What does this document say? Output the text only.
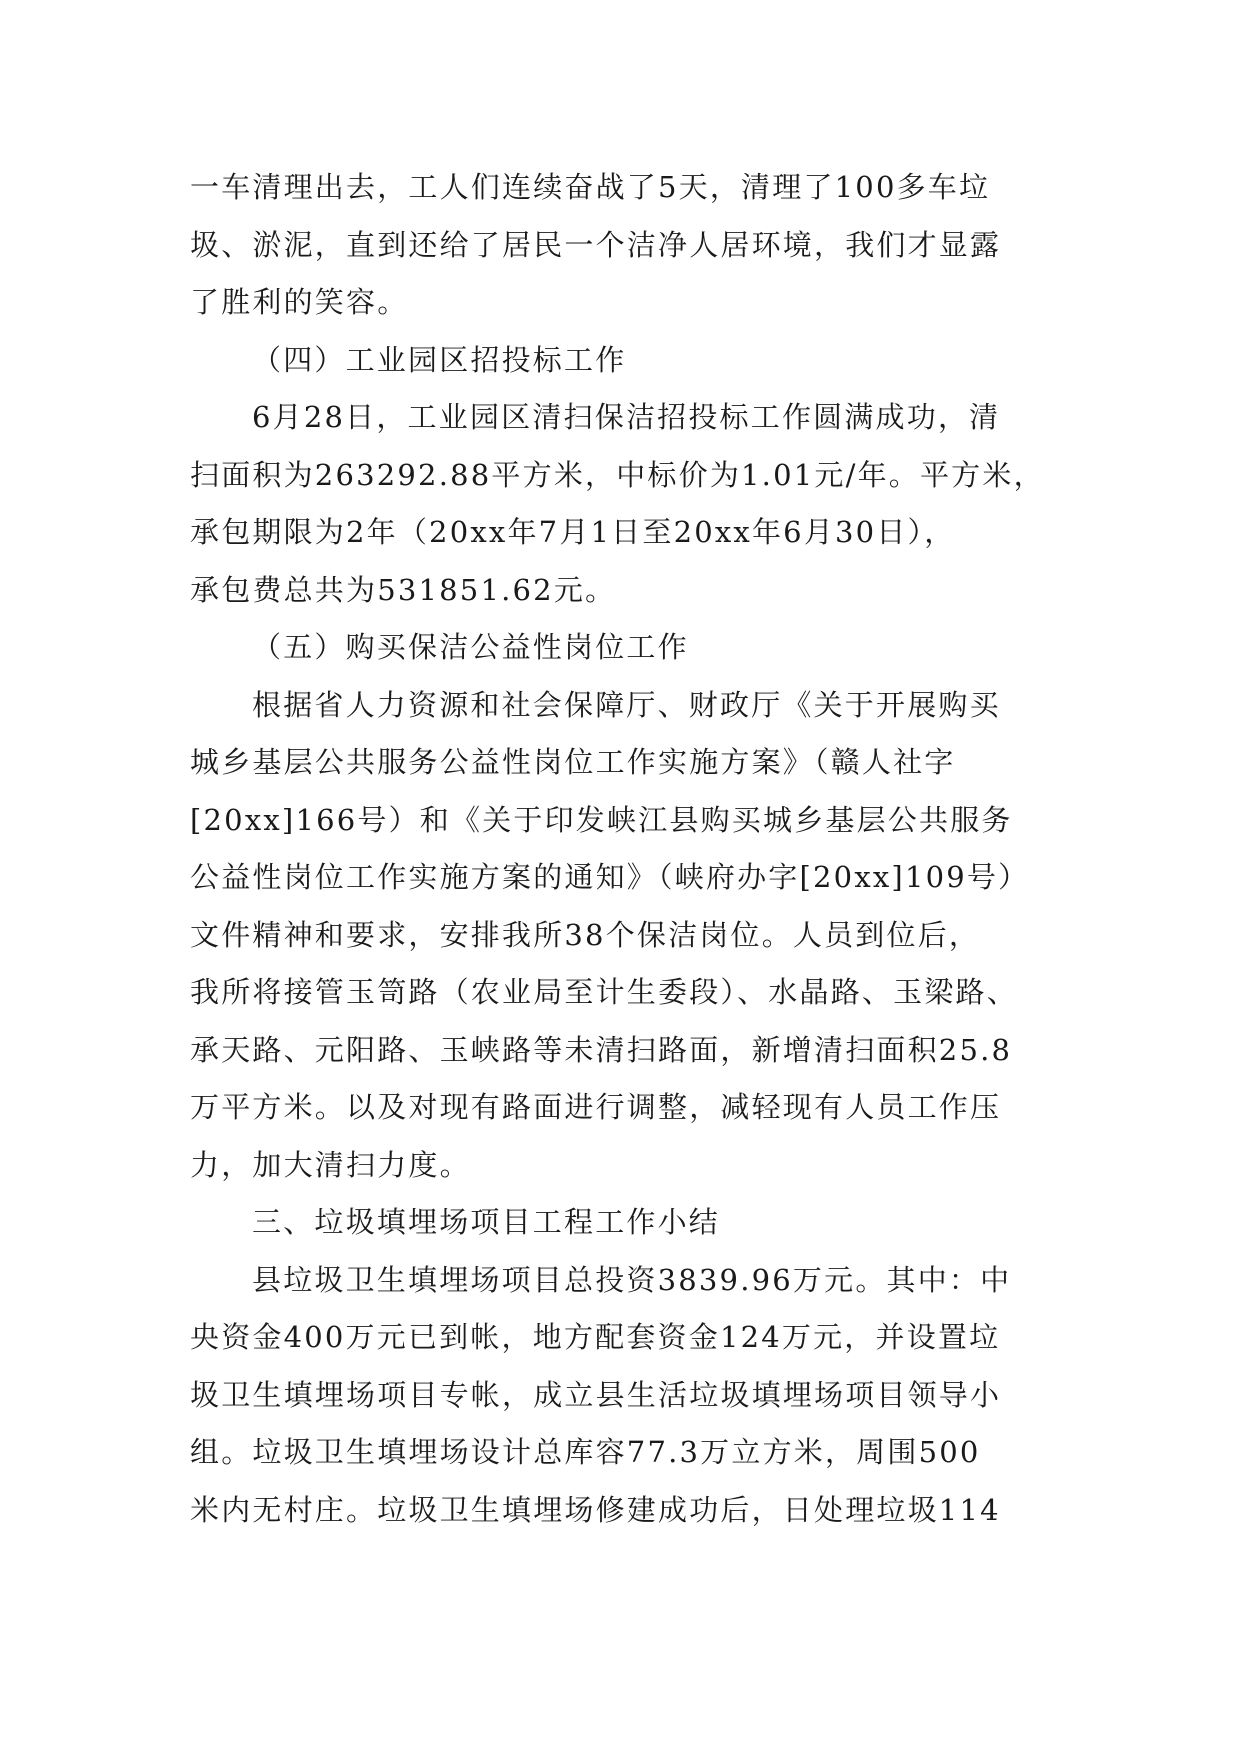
一车清理出去，工人们连续奋战了5天，清理了100多车垃
圾、淤泥，直到还给了居民一个洁净人居环境，我们才显露
了胜利的笑容。
（四）工业园区招投标工作
6月28日，工业园区清扫保洁招投标工作圆满成功，清
扫面积为263292.88平方米，中标价为1.01元/年。平方米，
承包期限为2年（20xx年7月1日至20xx年6月30日），
承包费总共为531851.62元。
（五）购买保洁公益性岗位工作
根据省人力资源和社会保障厅、财政厅《关于开展购买
城乡基层公共服务公益性岗位工作实施方案》（赣人社字
[20xx]166号）和《关于印发峡江县购买城乡基层公共服务
公益性岗位工作实施方案的通知》（峡府办字[20xx]109号）
文件精神和要求，安排我所38个保洁岗位。人员到位后，
我所将接管玉笥路（农业局至计生委段）、水晶路、玉梁路、
承天路、元阳路、玉峡路等未清扫路面，新增清扫面积25.8
万平方米。以及对现有路面进行调整，减轻现有人员工作压
力，加大清扫力度。
三、垃圾填埋场项目工程工作小结
县垃圾卫生填埋场项目总投资3839.96万元。其中：中
央资金400万元已到帐，地方配套资金124万元，并设置垃
圾卫生填埋场项目专帐，成立县生活垃圾填埋场项目领导小
组。垃圾卫生填埋场设计总库容77.3万立方米，周围500
米内无村庄。垃圾卫生填埋场修建成功后，日处理垃圾114
